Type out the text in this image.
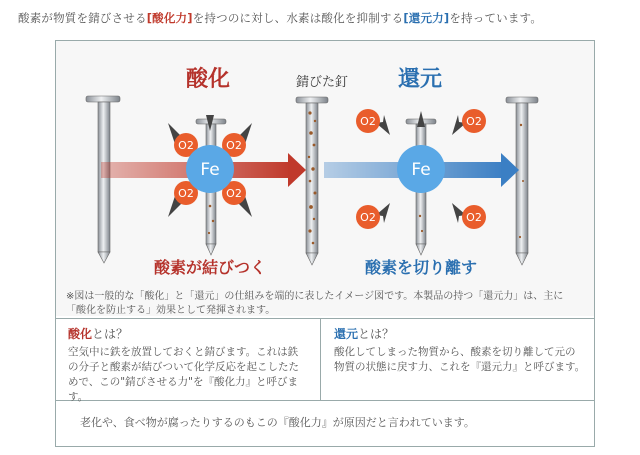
酸素が物質を錆びさせる[酸化力]を持つのに対し、水素は酸化を抑制する[還元力]を持っています。
酸化	錆びた釘 還元
O2	O2
O2	O2
Fe
O2	O2
O2	O2
Fe
酸素が結びつく	酸素を切り離す
※図は一般的な「酸化」と「還元」の仕組みを端的に表したイメージ図です。本製品の持つ「還元力」は、主に
「酸化を防止する」効果として発揮されます。
酸化とは？
空気中に鉄を放置しておくと錆びます。これは鉄
の分子と酸素が結びついて化学反応を起こしたた
めで、この"錆びさせる力"を『酸化力』と呼びます。
還元とは？
酸化してしまった物質から、酸素を切り離して元の
物質の状態に戻す力、これを『還元力』と呼びます。
老化や、食べ物が腐ったりするのもこの『酸化力』が原因だと言われています。
